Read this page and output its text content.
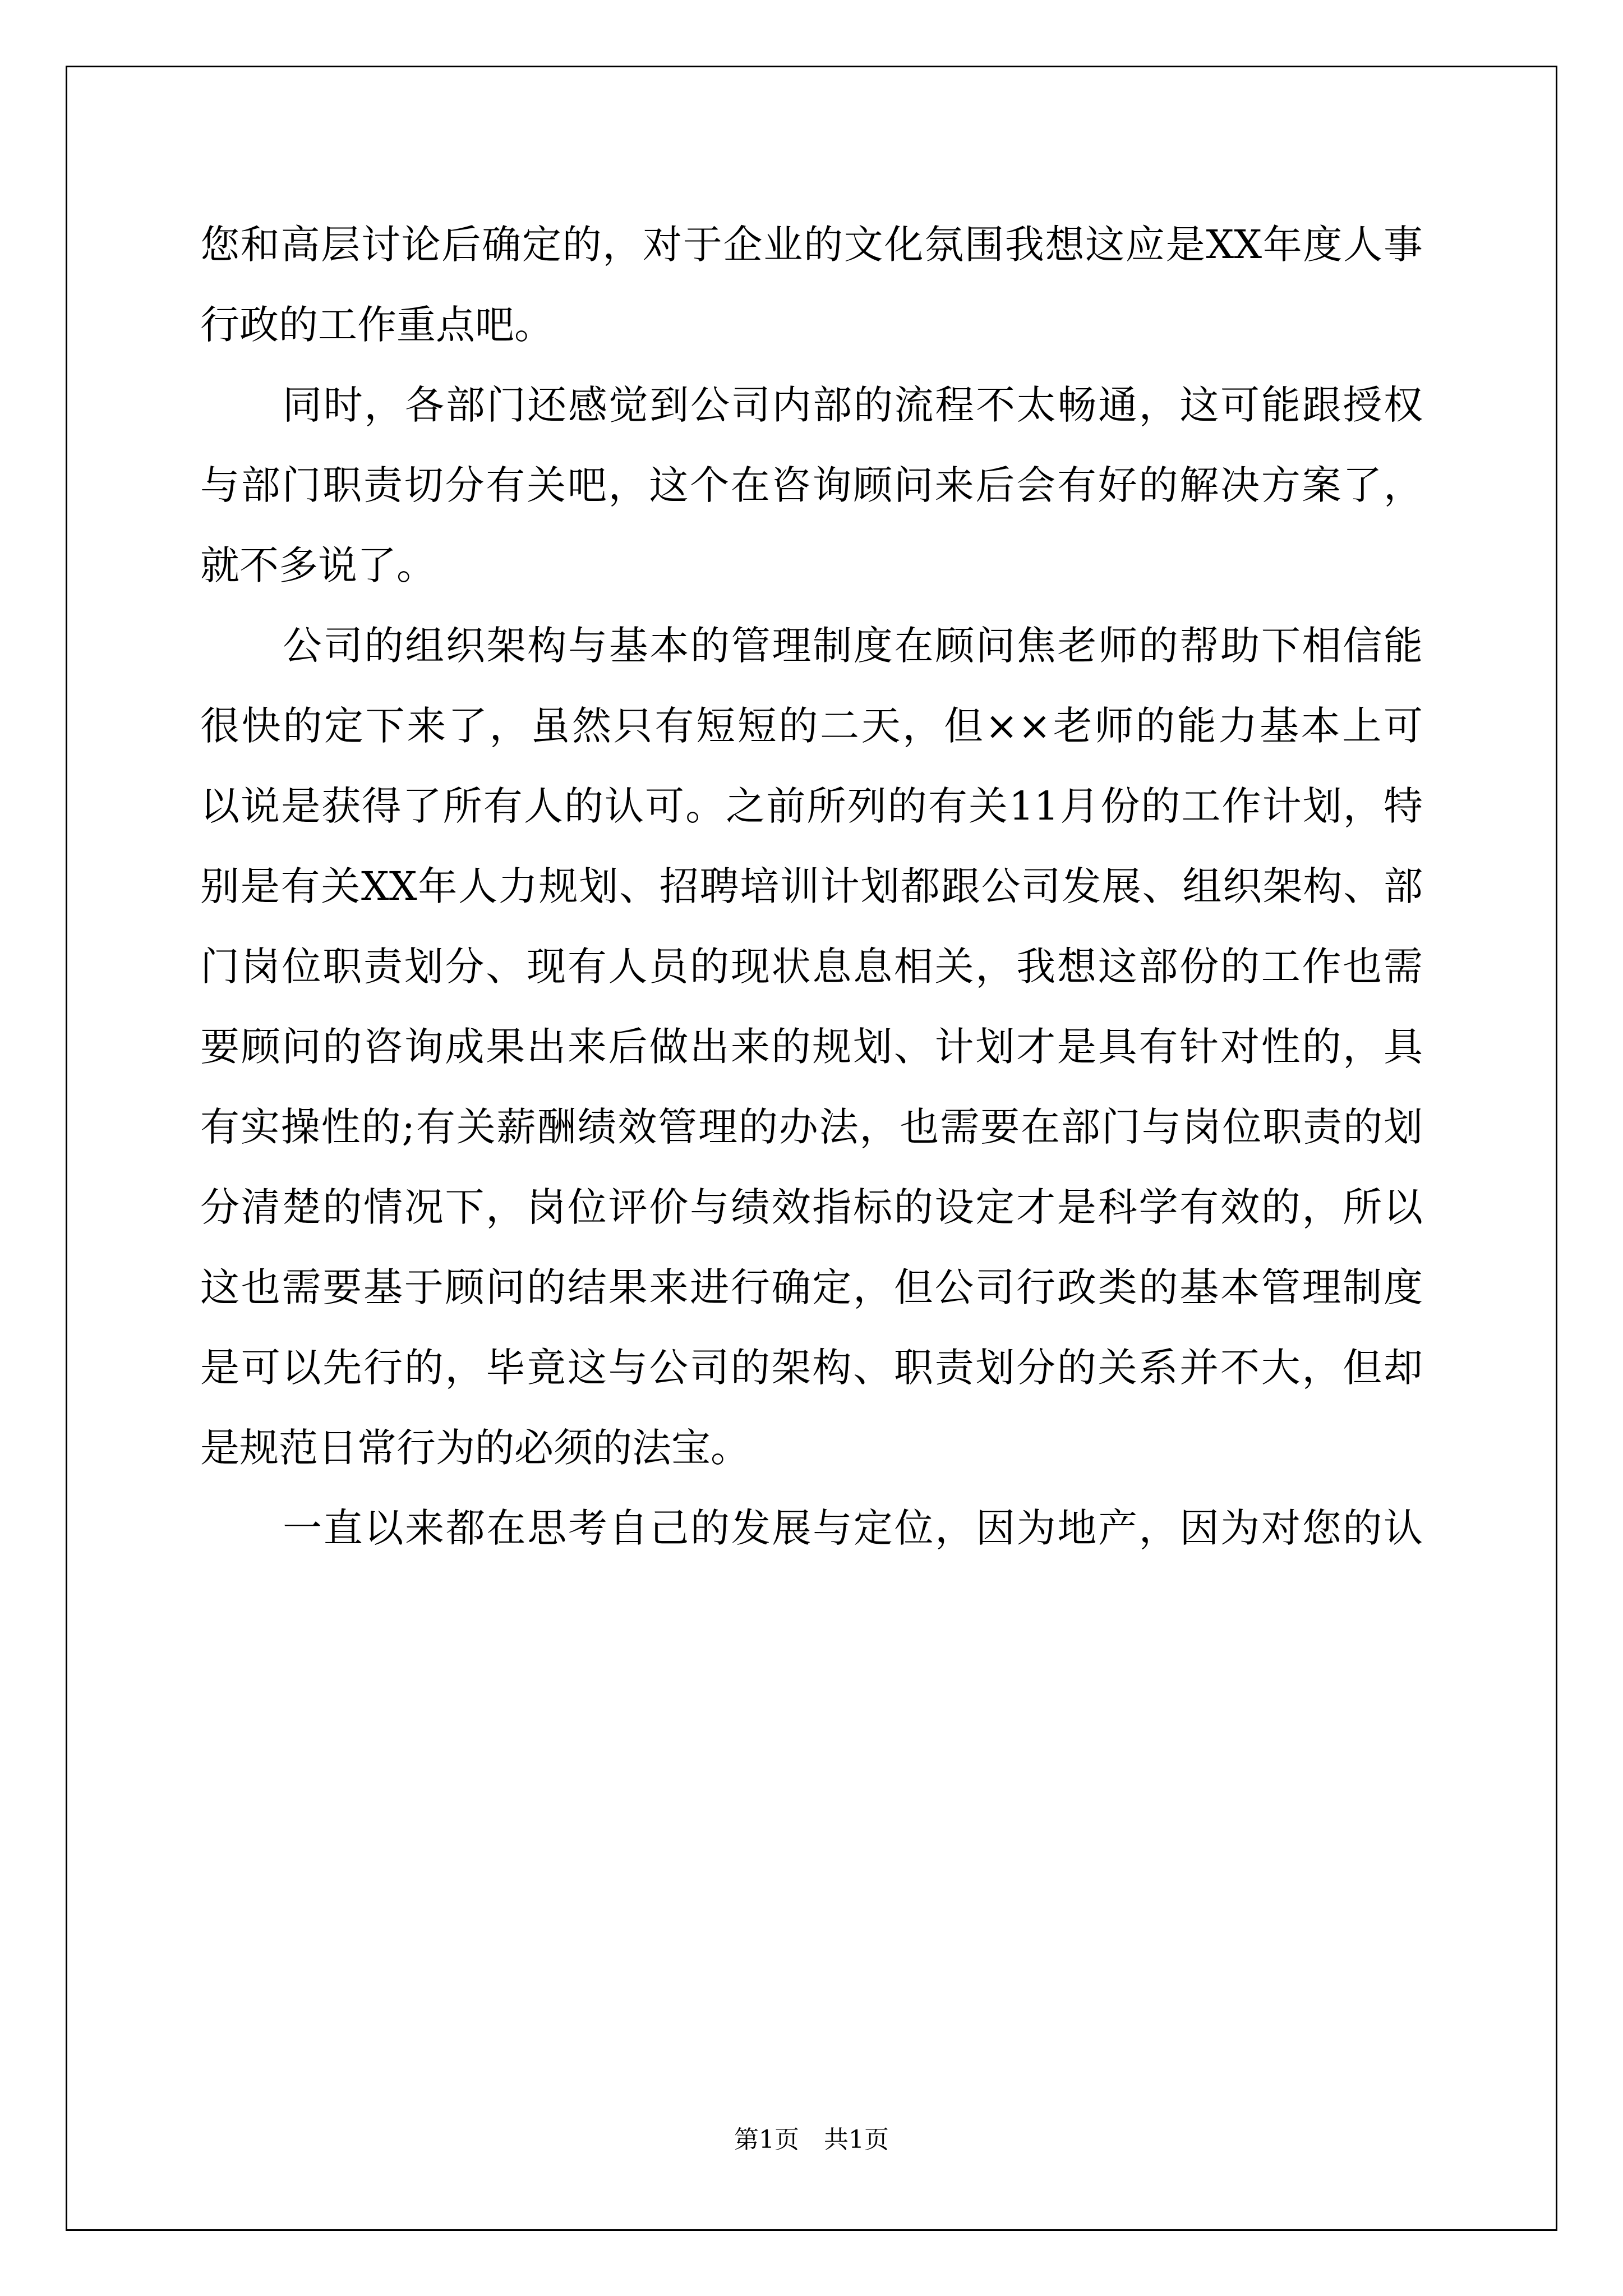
您和高层讨论后确定的，对于企业的文化氛围我想这应是XX年度人事
行政的工作重点吧。
同时，各部门还感觉到公司内部的流程不太畅通，这可能跟授权
与部门职责切分有关吧，这个在咨询顾问来后会有好的解决方案了，
就不多说了。
公司的组织架构与基本的管理制度在顾问焦老师的帮助下相信能
很快的定下来了，虽然只有短短的二天，但××老师的能力基本上可
以说是获得了所有人的认可。之前所列的有关11月份的工作计划，特
别是有关XX年人力规划、招聘培训计划都跟公司发展、组织架构、部
门岗位职责划分、现有人员的现状息息相关，我想这部份的工作也需
要顾问的咨询成果出来后做出来的规划、计划才是具有针对性的，具
有实操性的;有关薪酬绩效管理的办法，也需要在部门与岗位职责的划
分清楚的情况下，岗位评价与绩效指标的设定才是科学有效的，所以
这也需要基于顾问的结果来进行确定，但公司行政类的基本管理制度
是可以先行的，毕竟这与公司的架构、职责划分的关系并不大，但却
是规范日常行为的必须的法宝。
一直以来都在思考自己的发展与定位，因为地产，因为对您的认
第1页　共1页
